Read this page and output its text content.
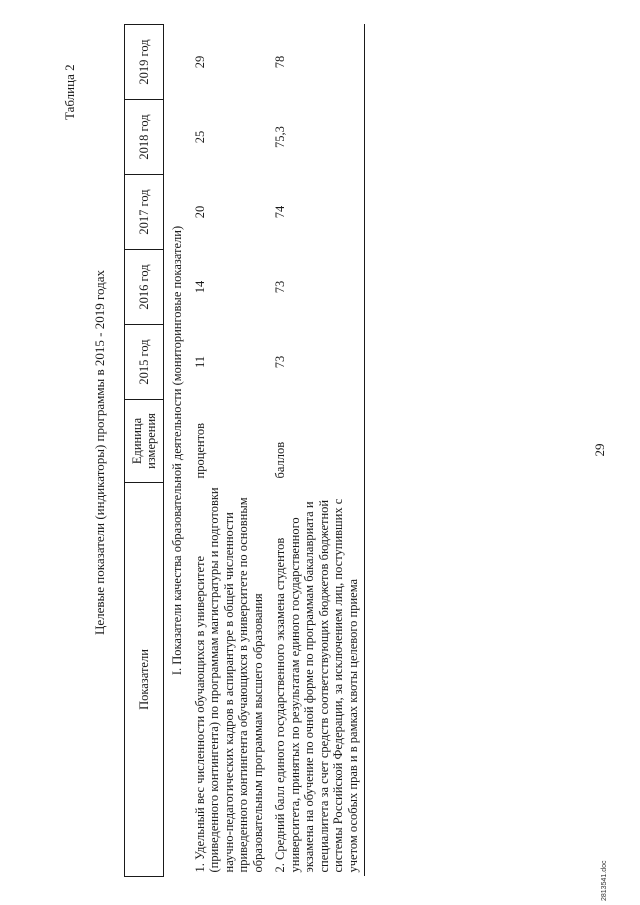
29
Таблица 2
Целевые показатели (индикаторы) программы в 2015 - 2019 годах
Показатели	Единица измерения	2015 год	2016 год	2017 год	2018 год	2019 год
I. Показатели качества образовательной деятельности (мониторинговые показатели)						
1. Удельный вес численности обучающихся в университете (приведенного контингента) по программам магистратуры и подготовки научно-педагогических кадров в аспирантуре в общей численности приведенного контингента обучающихся в университете по основным образовательным программам высшего образования	процентов	11	14	20	25	29
2. Средний балл единого государственного экзамена студентов университета, принятых по результатам единого государственного экзамена на обучение по очной форме по программам бакалавриата и специалитета за счет средств соответствующих бюджетов бюджетной системы Российской Федерации, за исключением лиц, поступивших с учетом особых прав и в рамках квоты целевого приема	баллов	73	73	74	75,3	78
2813541.doc
